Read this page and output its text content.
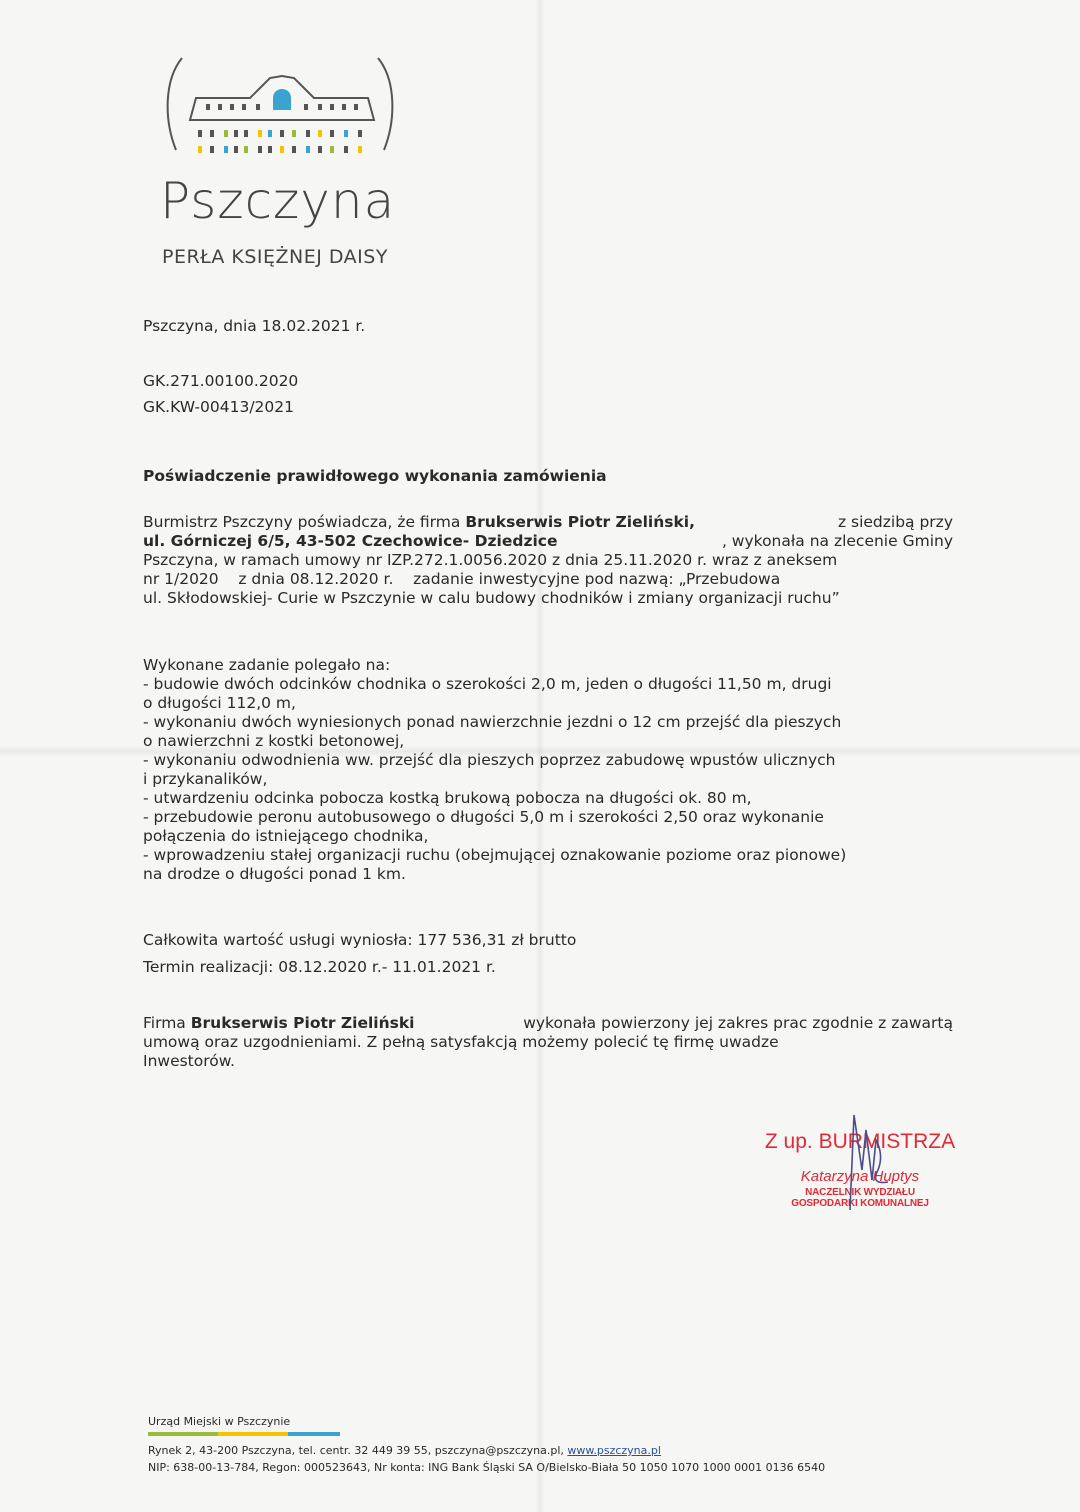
Pszczyna
PERŁA KSIĘŻNEJ DAISY
Pszczyna, dnia 18.02.2021 r.
GK.271.00100.2020
GK.KW-00413/2021
Poświadczenie prawidłowego wykonania zamówienia
Burmistrz Pszczyny poświadcza, że firma Brukserwis Piotr Zieliński,	z siedzibą przy
ul. Górniczej 6/5, 43-502 Czechowice- Dziedzice	, wykonała na zlecenie Gminy
Pszczyna, w ramach umowy nr IZP.272.1.0056.2020 z dnia 25.11.2020 r. wraz z aneksem
nr 1/2020    z dnia 08.12.2020 r.    zadanie inwestycyjne pod nazwą: „Przebudowa
ul. Skłodowskiej- Curie w Pszczynie w calu budowy chodników i zmiany organizacji ruchu”
Wykonane zadanie polegało na:
- budowie dwóch odcinków chodnika o szerokości 2,0 m, jeden o długości 11,50 m, drugi
o długości 112,0 m,
- wykonaniu dwóch wyniesionych ponad nawierzchnie jezdni o 12 cm przejść dla pieszych
o nawierzchni z kostki betonowej,
- wykonaniu odwodnienia ww. przejść dla pieszych poprzez zabudowę wpustów ulicznych
i przykanalików,
- utwardzeniu odcinka pobocza kostką brukową pobocza na długości ok. 80 m,
- przebudowie peronu autobusowego o długości 5,0 m i szerokości 2,50 oraz wykonanie
połączenia do istniejącego chodnika,
- wprowadzeniu stałej organizacji ruchu (obejmującej oznakowanie poziome oraz pionowe)
na drodze o długości ponad 1 km.
Całkowita wartość usługi wyniosła: 177 536,31 zł brutto
Termin realizacji: 08.12.2020 r.- 11.01.2021 r.
Firma Brukserwis Piotr Zieliński	wykonała powierzony jej zakres prac zgodnie z zawartą
umową oraz uzgodnieniami. Z pełną satysfakcją możemy polecić tę firmę uwadze
Inwestorów.
Z up. BURMISTRZA
Katarzyna Huptys
NACZELNIK WYDZIAŁU
GOSPODARKI KOMUNALNEJ
Urząd Miejski w Pszczynie
Rynek 2, 43-200 Pszczyna, tel. centr. 32 449 39 55, pszczyna@pszczyna.pl, www.pszczyna.pl
NIP: 638-00-13-784, Regon: 000523643, Nr konta: ING Bank Śląski SA O/Bielsko-Biała 50 1050 1070 1000 0001 0136 6540
